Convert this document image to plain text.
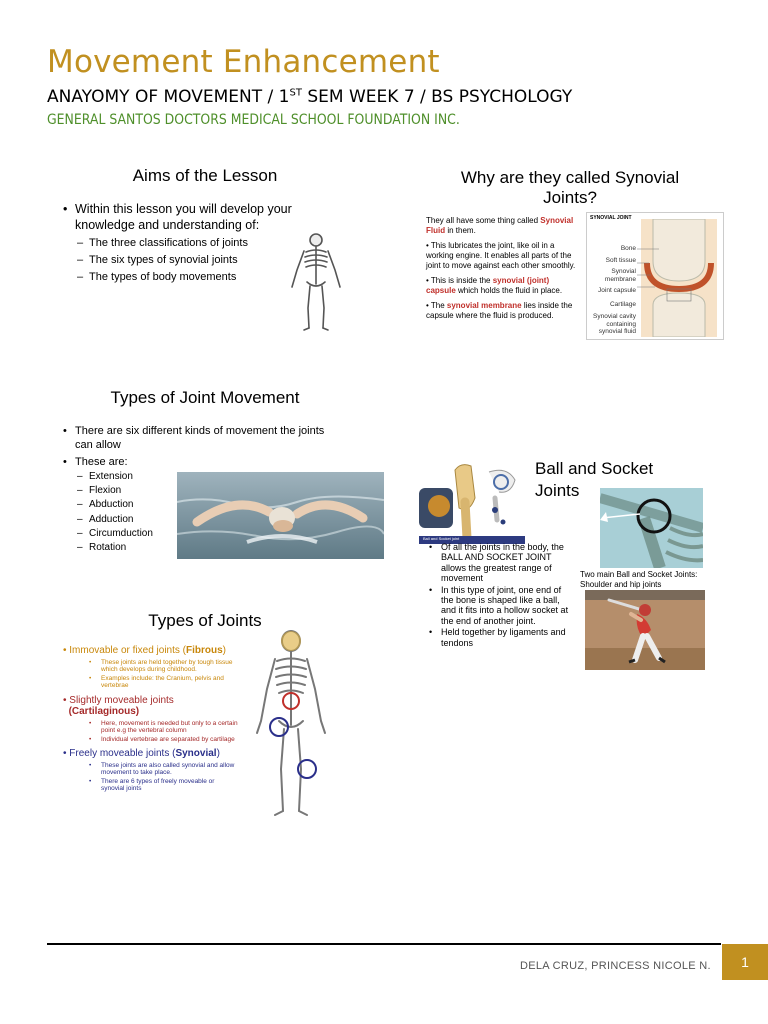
Movement Enhancement
ANAYOMY OF MOVEMENT / 1ST SEM WEEK 7 / BS PSYCHOLOGY
GENERAL SANTOS DOCTORS MEDICAL SCHOOL FOUNDATION INC.
Aims of the Lesson
• Within this lesson you will develop your knowledge and understanding of:
– The three classifications of joints
– The six types of synovial joints
– The types of body movements
Why are they called Synovial
Joints?
They all have some thing called Synovial Fluid in them.
• This lubricates the joint, like oil in a working engine. It enables all parts of the joint to move against each other smoothly.
• This is inside the synovial (joint) capsule which holds the fluid in place.
• The synovial membrane lies inside the capsule where the fluid is produced.
SYNOVIAL JOINT
Bone
Soft tissue
Synovial membrane
Joint capsule
Cartilage
Synovial cavity containing synovial fluid
Types of Joint Movement
• There are six different kinds of movement the joints can allow
• These are:
– Extension
– Flexion
– Abduction
– Adduction
– Circumduction
– Rotation
Ball and Socket joint
Ball and Socket
Joints
• Of all the joints in the body, the BALL AND SOCKET JOINT allows the greatest range of movement
• In this type of joint, one end of the bone is shaped like a ball, and it fits into a hollow socket at the end of another joint.
• Held together by ligaments and tendons
Two main Ball and Socket Joints: Shoulder and hip joints
Types of Joints
• Immovable or fixed joints (Fibrous)
• These joints are held together by tough tissue which develops during childhood.
• Examples include: the Cranium, pelvis and vertebrae
• Slightly moveable joints
(Cartilaginous)
• Here, movement is needed but only to a certain point e.g the vertebral column
• Individual vertebrae are separated by cartilage
• Freely moveable joints (Synovial)
• These joints are also called synovial and allow movement to take place.
• There are 6 types of freely moveable or synovial joints
DELA CRUZ, PRINCESS NICOLE N.	1
